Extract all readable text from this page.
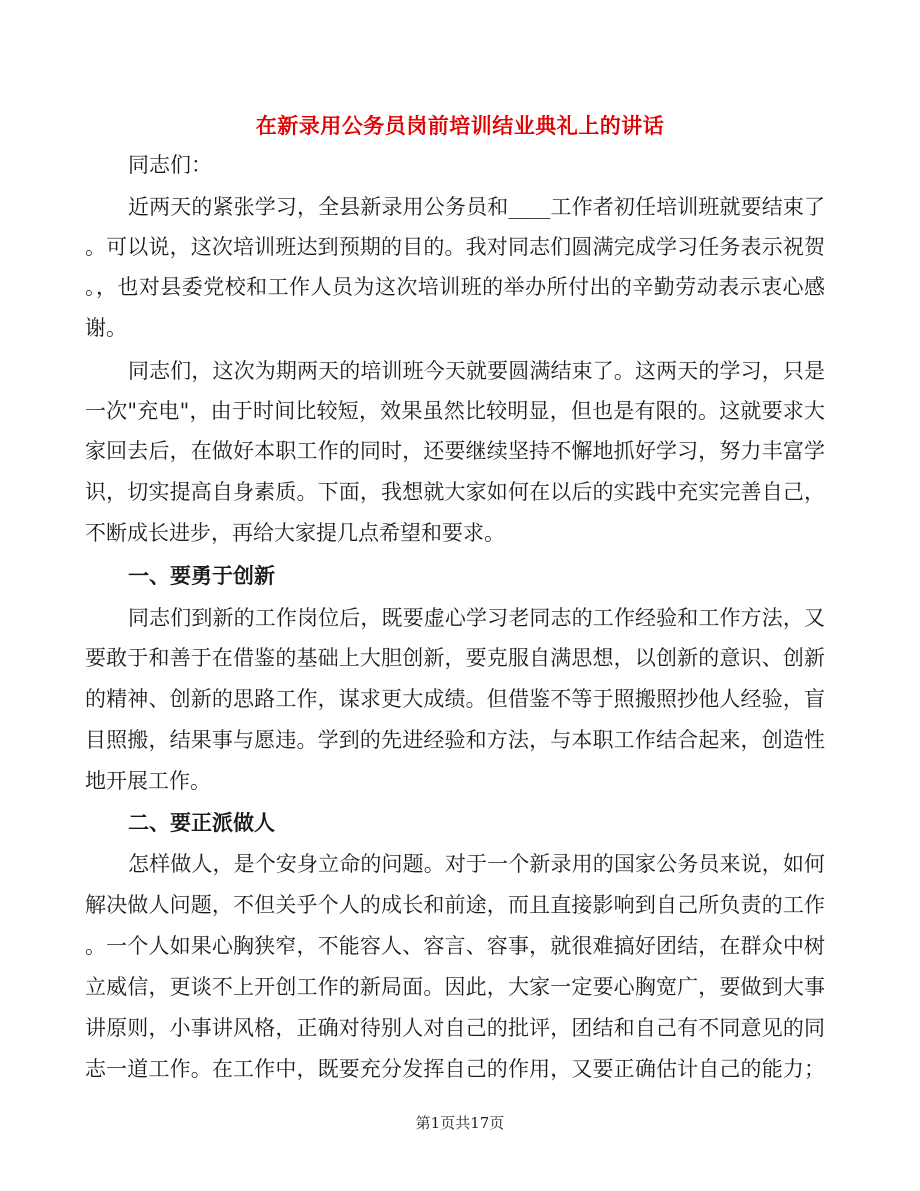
在新录用公务员岗前培训结业典礼上的讲话
同志们：
近两天的紧张学习，全县新录用公务员和____工作者初任培训班就要结束了
。可以说，这次培训班达到预期的目的。我对同志们圆满完成学习任务表示祝贺
。，也对县委党校和工作人员为这次培训班的举办所付出的辛勤劳动表示衷心感
谢。
同志们，这次为期两天的培训班今天就要圆满结束了。这两天的学习，只是
一次"充电"，由于时间比较短，效果虽然比较明显，但也是有限的。这就要求大
家回去后，在做好本职工作的同时，还要继续坚持不懈地抓好学习，努力丰富学
识，切实提高自身素质。下面，我想就大家如何在以后的实践中充实完善自己，
不断成长进步，再给大家提几点希望和要求。
一、要勇于创新
同志们到新的工作岗位后，既要虚心学习老同志的工作经验和工作方法，又
要敢于和善于在借鉴的基础上大胆创新，要克服自满思想，以创新的意识、创新
的精神、创新的思路工作，谋求更大成绩。但借鉴不等于照搬照抄他人经验，盲
目照搬，结果事与愿违。学到的先进经验和方法，与本职工作结合起来，创造性
地开展工作。
二、要正派做人
怎样做人，是个安身立命的问题。对于一个新录用的国家公务员来说，如何
解决做人问题，不但关乎个人的成长和前途，而且直接影响到自己所负责的工作
。一个人如果心胸狭窄，不能容人、容言、容事，就很难搞好团结，在群众中树
立威信，更谈不上开创工作的新局面。因此，大家一定要心胸宽广，要做到大事
讲原则，小事讲风格，正确对待别人对自己的批评，团结和自己有不同意见的同
志一道工作。在工作中，既要充分发挥自己的作用，又要正确估计自己的能力；
第1页共17页
